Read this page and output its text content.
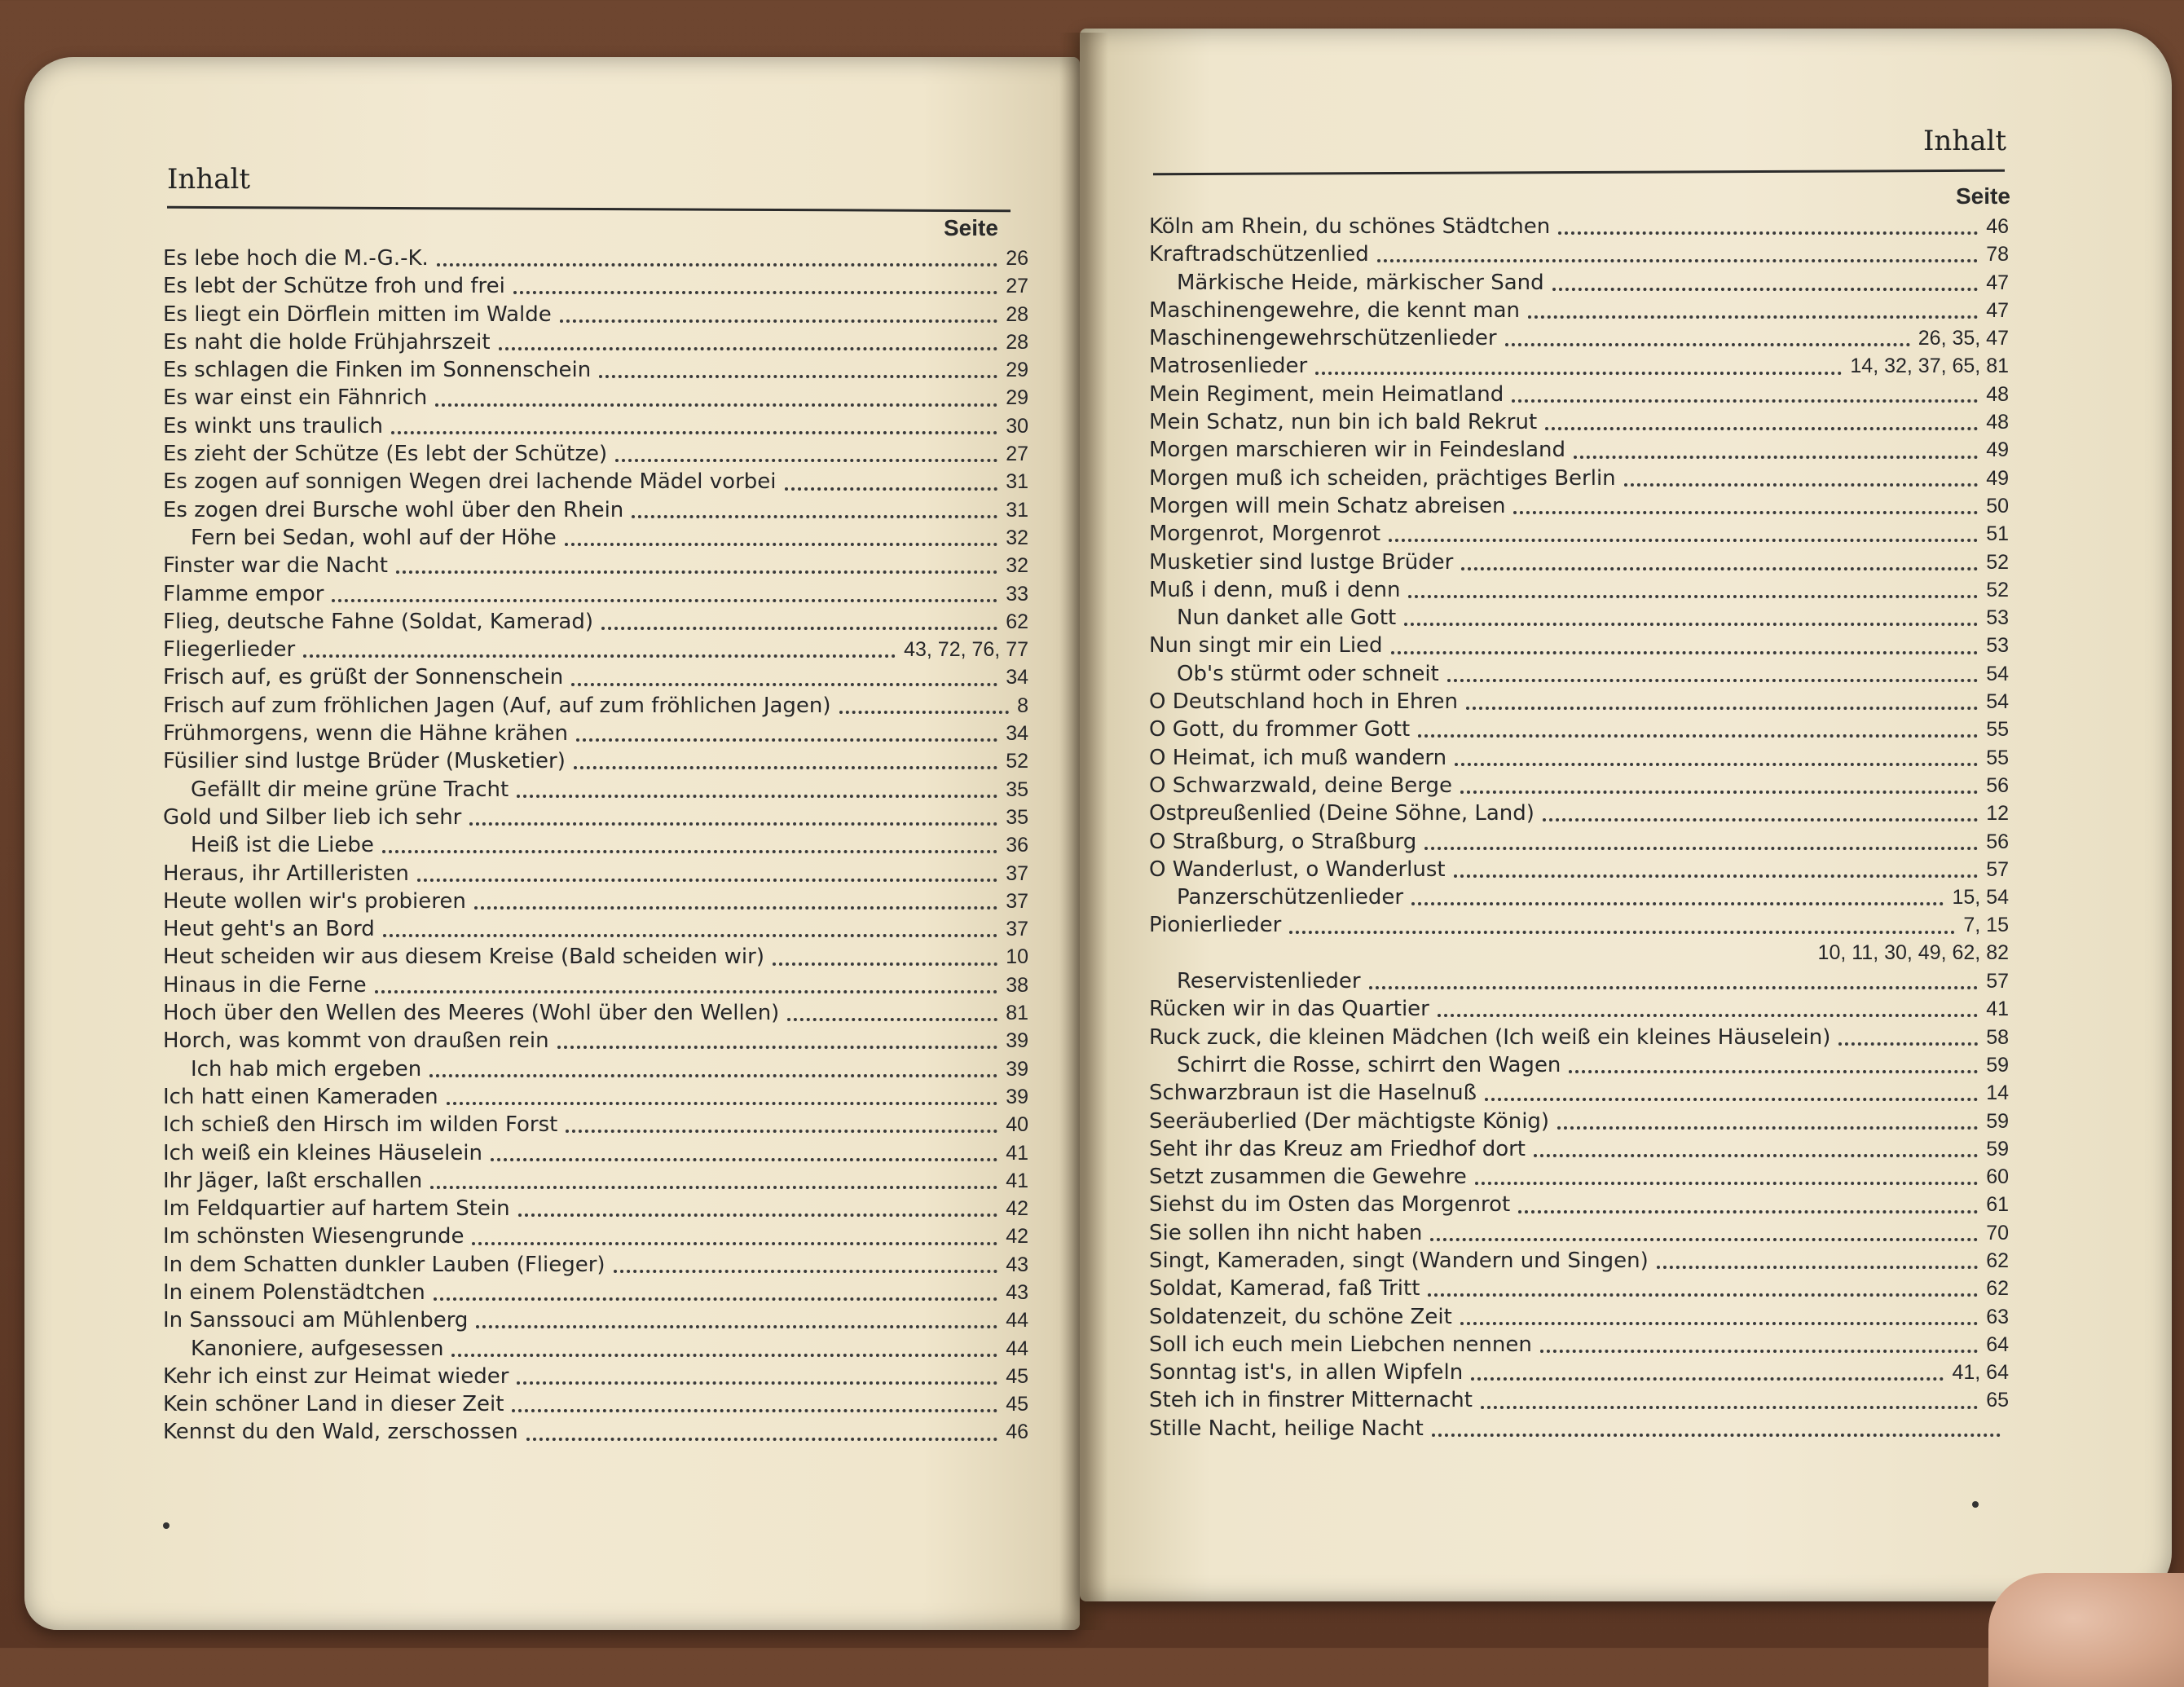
Inhalt
Seite
Es lebe hoch die M.-G.-K.	26
Es lebt der Schütze froh und frei	27
Es liegt ein Dörflein mitten im Walde	28
Es naht die holde Frühjahrszeit	28
Es schlagen die Finken im Sonnenschein	29
Es war einst ein Fähnrich	29
Es winkt uns traulich	30
Es zieht der Schütze (Es lebt der Schütze)	27
Es zogen auf sonnigen Wegen drei lachende Mädel vorbei	31
Es zogen drei Bursche wohl über den Rhein	31
Fern bei Sedan, wohl auf der Höhe	32
Finster war die Nacht	32
Flamme empor	33
Flieg, deutsche Fahne (Soldat, Kamerad)	62
Fliegerlieder	43, 72, 76, 77
Frisch auf, es grüßt der Sonnenschein	34
Frisch auf zum fröhlichen Jagen (Auf, auf zum fröhlichen Jagen)	8
Frühmorgens, wenn die Hähne krähen	34
Füsilier sind lustge Brüder (Musketier)	52
Gefällt dir meine grüne Tracht	35
Gold und Silber lieb ich sehr	35
Heiß ist die Liebe	36
Heraus, ihr Artilleristen	37
Heute wollen wir's probieren	37
Heut geht's an Bord	37
Heut scheiden wir aus diesem Kreise (Bald scheiden wir)	10
Hinaus in die Ferne	38
Hoch über den Wellen des Meeres (Wohl über den Wellen)	81
Horch, was kommt von draußen rein	39
Ich hab mich ergeben	39
Ich hatt einen Kameraden	39
Ich schieß den Hirsch im wilden Forst	40
Ich weiß ein kleines Häuselein	41
Ihr Jäger, laßt erschallen	41
Im Feldquartier auf hartem Stein	42
Im schönsten Wiesengrunde	42
In dem Schatten dunkler Lauben (Flieger)	43
In einem Polenstädtchen	43
In Sanssouci am Mühlenberg	44
Kanoniere, aufgesessen	44
Kehr ich einst zur Heimat wieder	45
Kein schöner Land in dieser Zeit	45
Kennst du den Wald, zerschossen	46
Inhalt
Seite
Köln am Rhein, du schönes Städtchen	46
Kraftradschützenlied	78
Märkische Heide, märkischer Sand	47
Maschinengewehre, die kennt man	47
Maschinengewehrschützenlieder	26, 35, 47
Matrosenlieder	14, 32, 37, 65, 81
Mein Regiment, mein Heimatland	48
Mein Schatz, nun bin ich bald Rekrut	48
Morgen marschieren wir in Feindesland	49
Morgen muß ich scheiden, prächtiges Berlin	49
Morgen will mein Schatz abreisen	50
Morgenrot, Morgenrot	51
Musketier sind lustge Brüder	52
Muß i denn, muß i denn	52
Nun danket alle Gott	53
Nun singt mir ein Lied	53
Ob's stürmt oder schneit	54
O Deutschland hoch in Ehren	54
O Gott, du frommer Gott	55
O Heimat, ich muß wandern	55
O Schwarzwald, deine Berge	56
Ostpreußenlied (Deine Söhne, Land)	12
O Straßburg, o Straßburg	56
O Wanderlust, o Wanderlust	57
Panzerschützenlieder	15, 54
Pionierlieder	7, 15
10, 11, 30, 49, 62, 82
Reservistenlieder	57
Rücken wir in das Quartier	41
Ruck zuck, die kleinen Mädchen (Ich weiß ein kleines Häuselein)	58
Schirrt die Rosse, schirrt den Wagen	59
Schwarzbraun ist die Haselnuß	14
Seeräuberlied (Der mächtigste König)	59
Seht ihr das Kreuz am Friedhof dort	59
Setzt zusammen die Gewehre	60
Siehst du im Osten das Morgenrot	61
Sie sollen ihn nicht haben	70
Singt, Kameraden, singt (Wandern und Singen)	62
Soldat, Kamerad, faß Tritt	62
Soldatenzeit, du schöne Zeit	63
Soll ich euch mein Liebchen nennen	64
Sonntag ist's, in allen Wipfeln	41, 64
Steh ich in finstrer Mitternacht	65
Stille Nacht, heilige Nacht
